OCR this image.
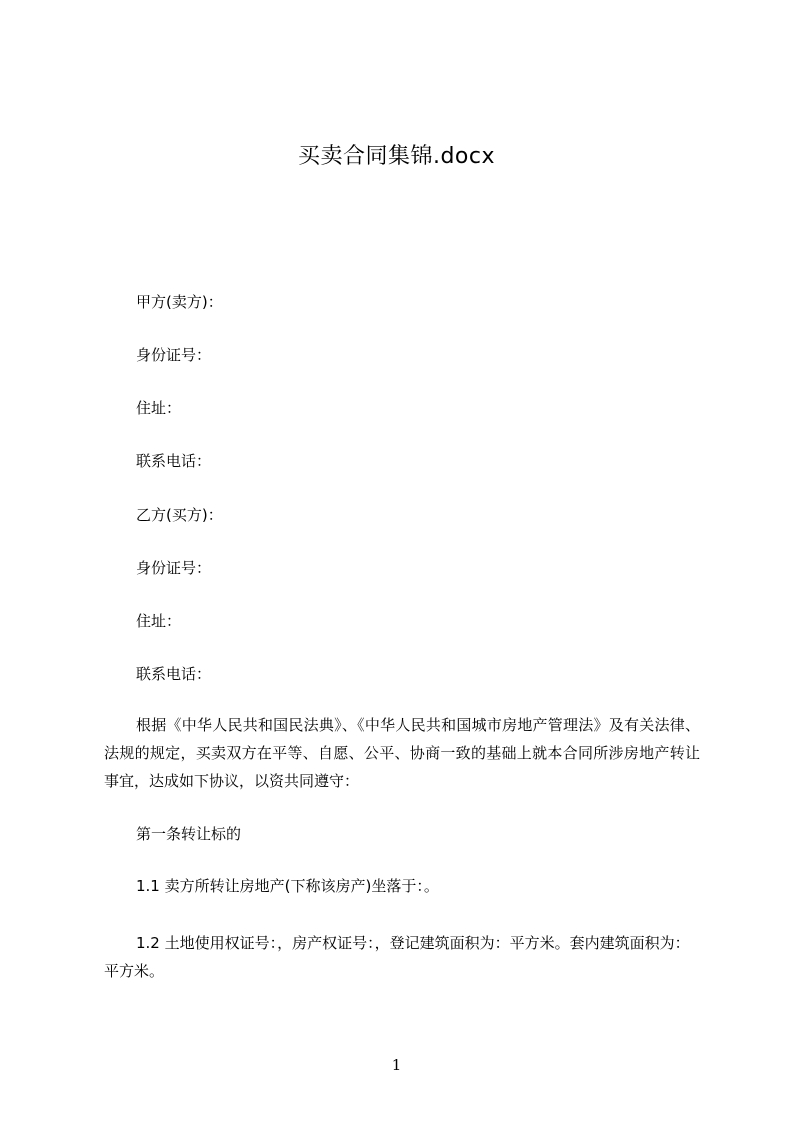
买卖合同集锦.docx
甲方(卖方)：
身份证号：
住址：
联系电话：
乙方(买方)：
身份证号：
住址：
联系电话：
根据《中华人民共和国民法典》、《中华人民共和国城市房地产管理法》及有关法律、法规的规定，买卖双方在平等、自愿、公平、协商一致的基础上就本合同所涉房地产转让事宜，达成如下协议，以资共同遵守：
第一条转让标的
1.1 卖方所转让房地产(下称该房产)坐落于：。
1.2 土地使用权证号：，房产权证号：，登记建筑面积为：平方米。套内建筑面积为：平方米。
1
